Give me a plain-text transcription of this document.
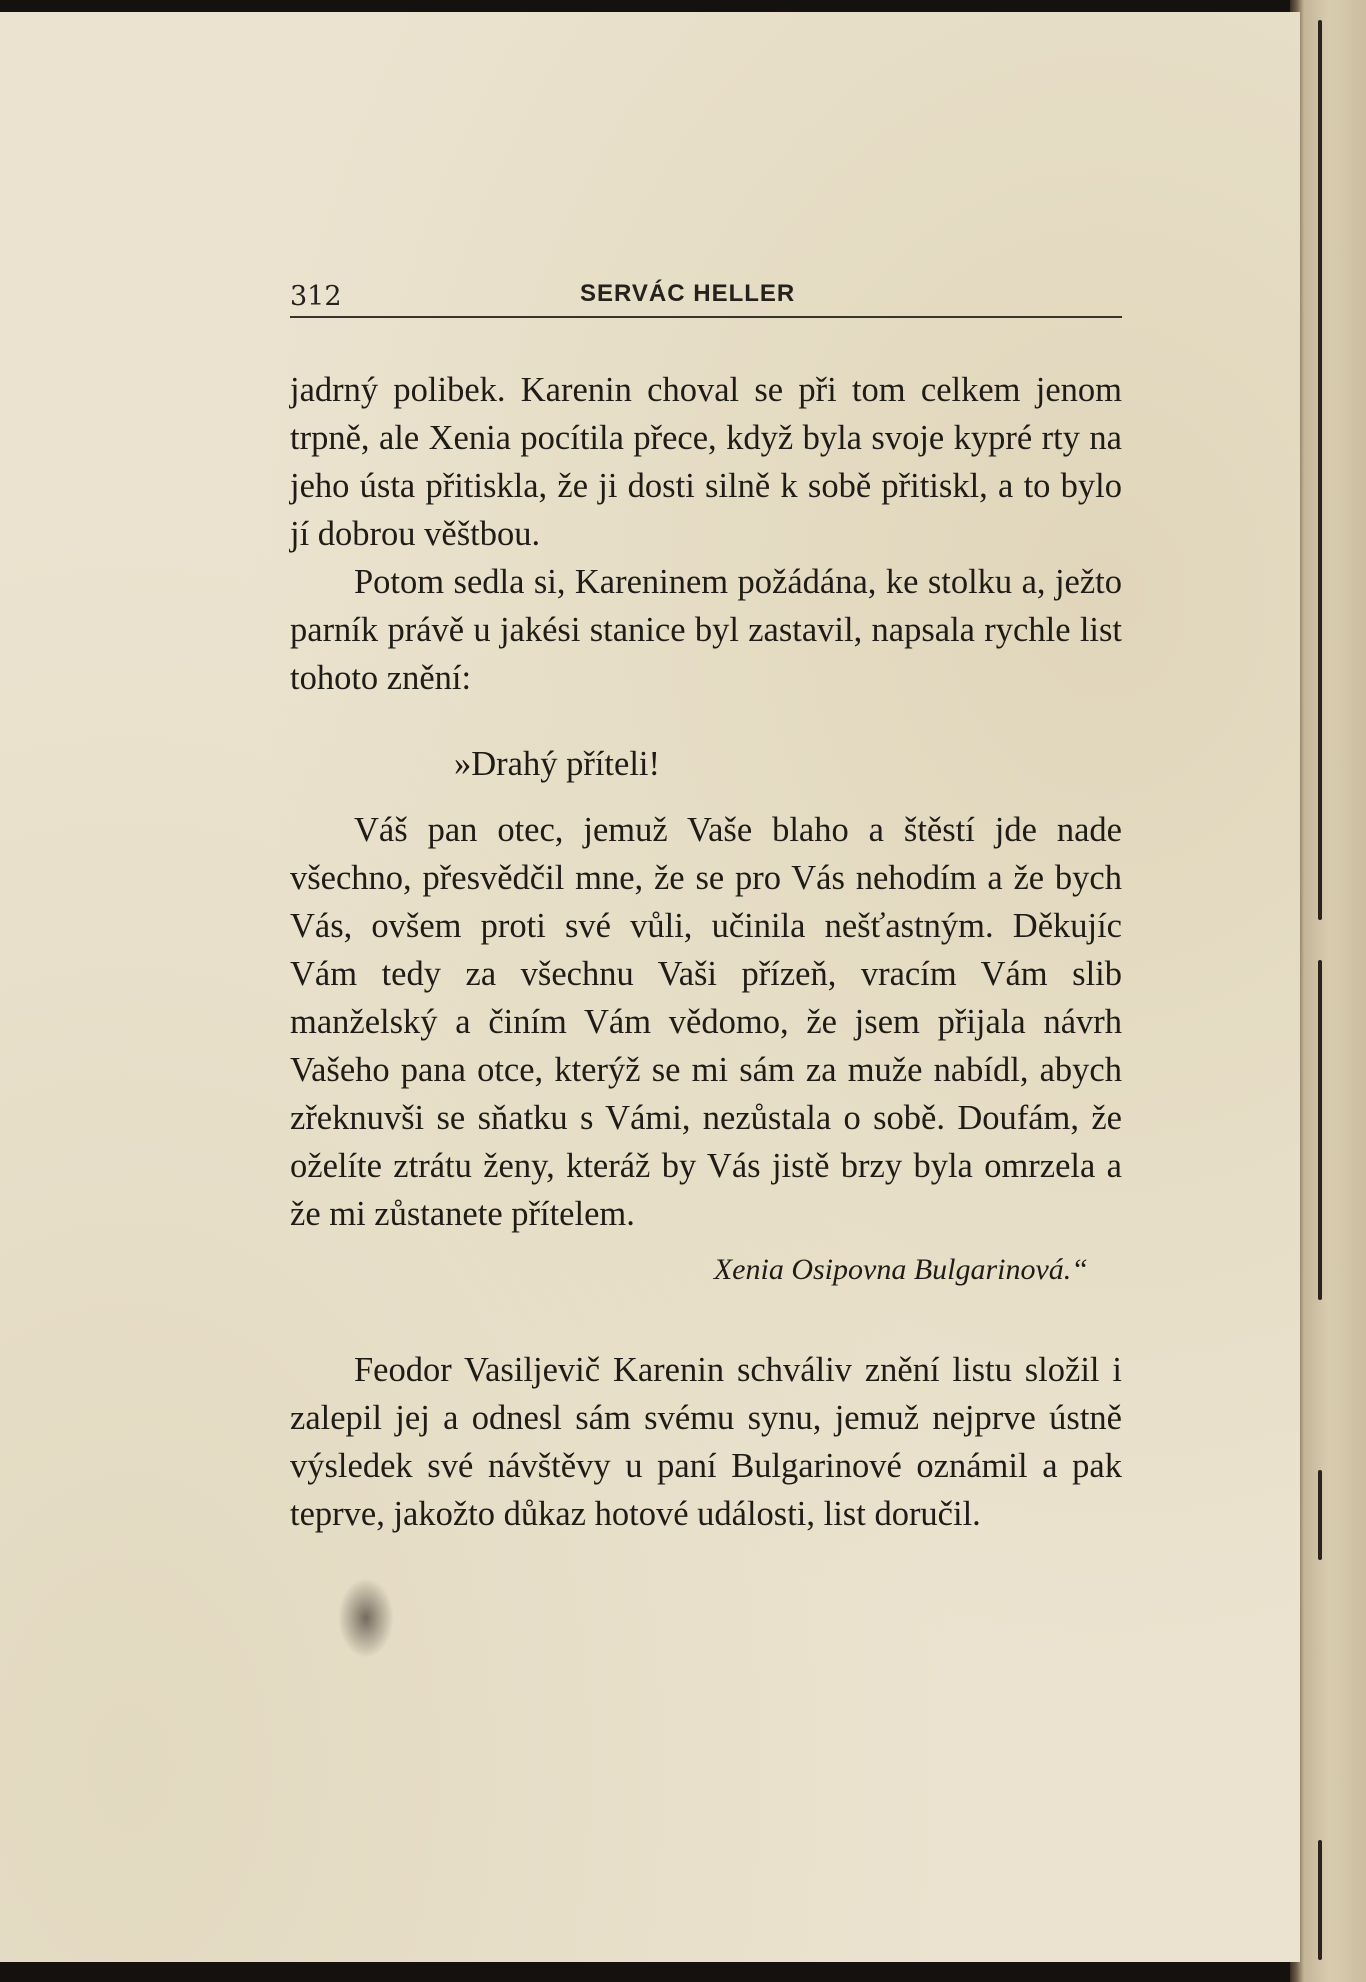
312	SERVÁC HELLER

jadrný polibek. Karenin choval se při tom celkem jenom trpně, ale Xenia pocítila přece, když byla svoje kypré rty na jeho ústa přitiskla, že ji dosti silně k sobě přitiskl, a to bylo jí dobrou věštbou.

Potom sedla si, Kareninem požádána, ke stolku a, ježto parník právě u jakési stanice byl zastavil, napsala rychle list tohoto znění:

»Drahý příteli!

Váš pan otec, jemuž Vaše blaho a štěstí jde nade všechno, přesvědčil mne, že se pro Vás nehodím a že bych Vás, ovšem proti své vůli, učinila nešťastným. Děkujíc Vám tedy za všechnu Vaši přízeň, vracím Vám slib manželský a činím Vám vědomo, že jsem přijala návrh Vašeho pana otce, kterýž se mi sám za muže nabídl, abych zřeknuvši se sňatku s Vámi, nezůstala o sobě. Doufám, že oželíte ztrátu ženy, kteráž by Vás jistě brzy byla omrzela a že mi zůstanete přítelem.

Xenia Osipovna Bulgarinová.“

Feodor Vasiljevič Karenin schváliv znění listu složil i zalepil jej a odnesl sám svému synu, jemuž nejprve ústně výsledek své návštěvy u paní Bulgarinové oznámil a pak teprve, jakožto důkaz hotové události, list doručil.
